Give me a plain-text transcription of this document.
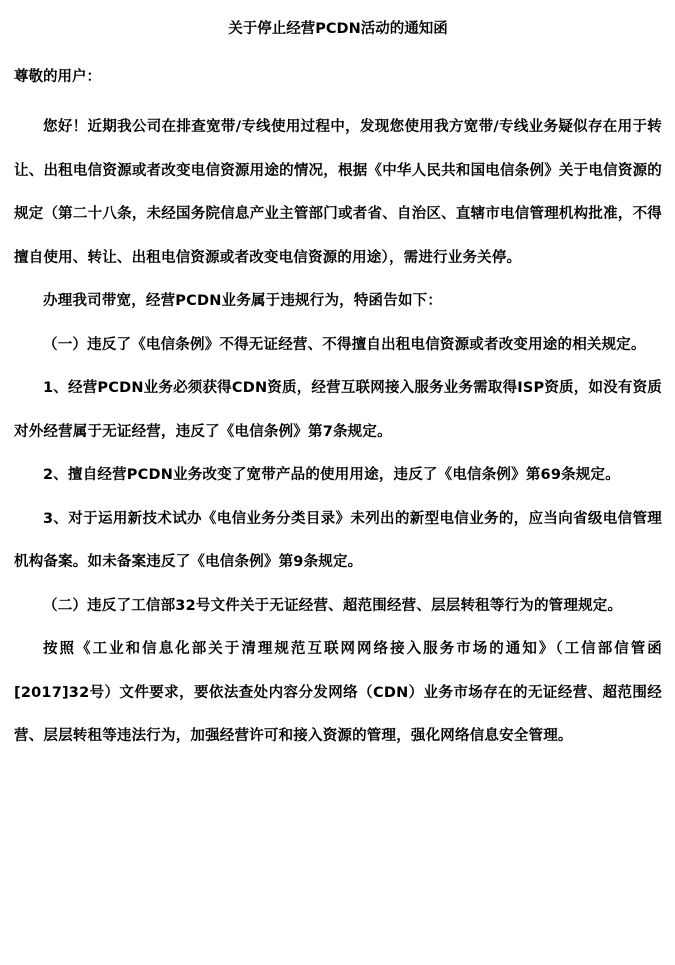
关于停止经营PCDN活动的通知函
尊敬的用户：

您好！近期我公司在排查宽带/专线使用过程中，发现您使用我方宽带/专线业务疑似存在用于转让、出租电信资源或者改变电信资源用途的情况，根据《中华人民共和国电信条例》关于电信资源的规定（第二十八条，未经国务院信息产业主管部门或者省、自治区、直辖市电信管理机构批准，不得擅自使用、转让、出租电信资源或者改变电信资源的用途），需进行业务关停。

办理我司带宽，经营PCDN业务属于违规行为，特函告如下：

（一）违反了《电信条例》不得无证经营、不得擅自出租电信资源或者改变用途的相关规定。

1、经营PCDN业务必须获得CDN资质，经营互联网接入服务业务需取得ISP资质，如没有资质对外经营属于无证经营，违反了《电信条例》第7条规定。

2、擅自经营PCDN业务改变了宽带产品的使用用途，违反了《电信条例》第69条规定。

3、对于运用新技术试办《电信业务分类目录》未列出的新型电信业务的，应当向省级电信管理机构备案。如未备案违反了《电信条例》第9条规定。

（二）违反了工信部32号文件关于无证经营、超范围经营、层层转租等行为的管理规定。

按照《工业和信息化部关于清理规范互联网网络接入服务市场的通知》（工信部信管函[2017]32号）文件要求，要依法查处内容分发网络（CDN）业务市场存在的无证经营、超范围经营、层层转租等违法行为，加强经营许可和接入资源的管理，强化网络信息安全管理。
